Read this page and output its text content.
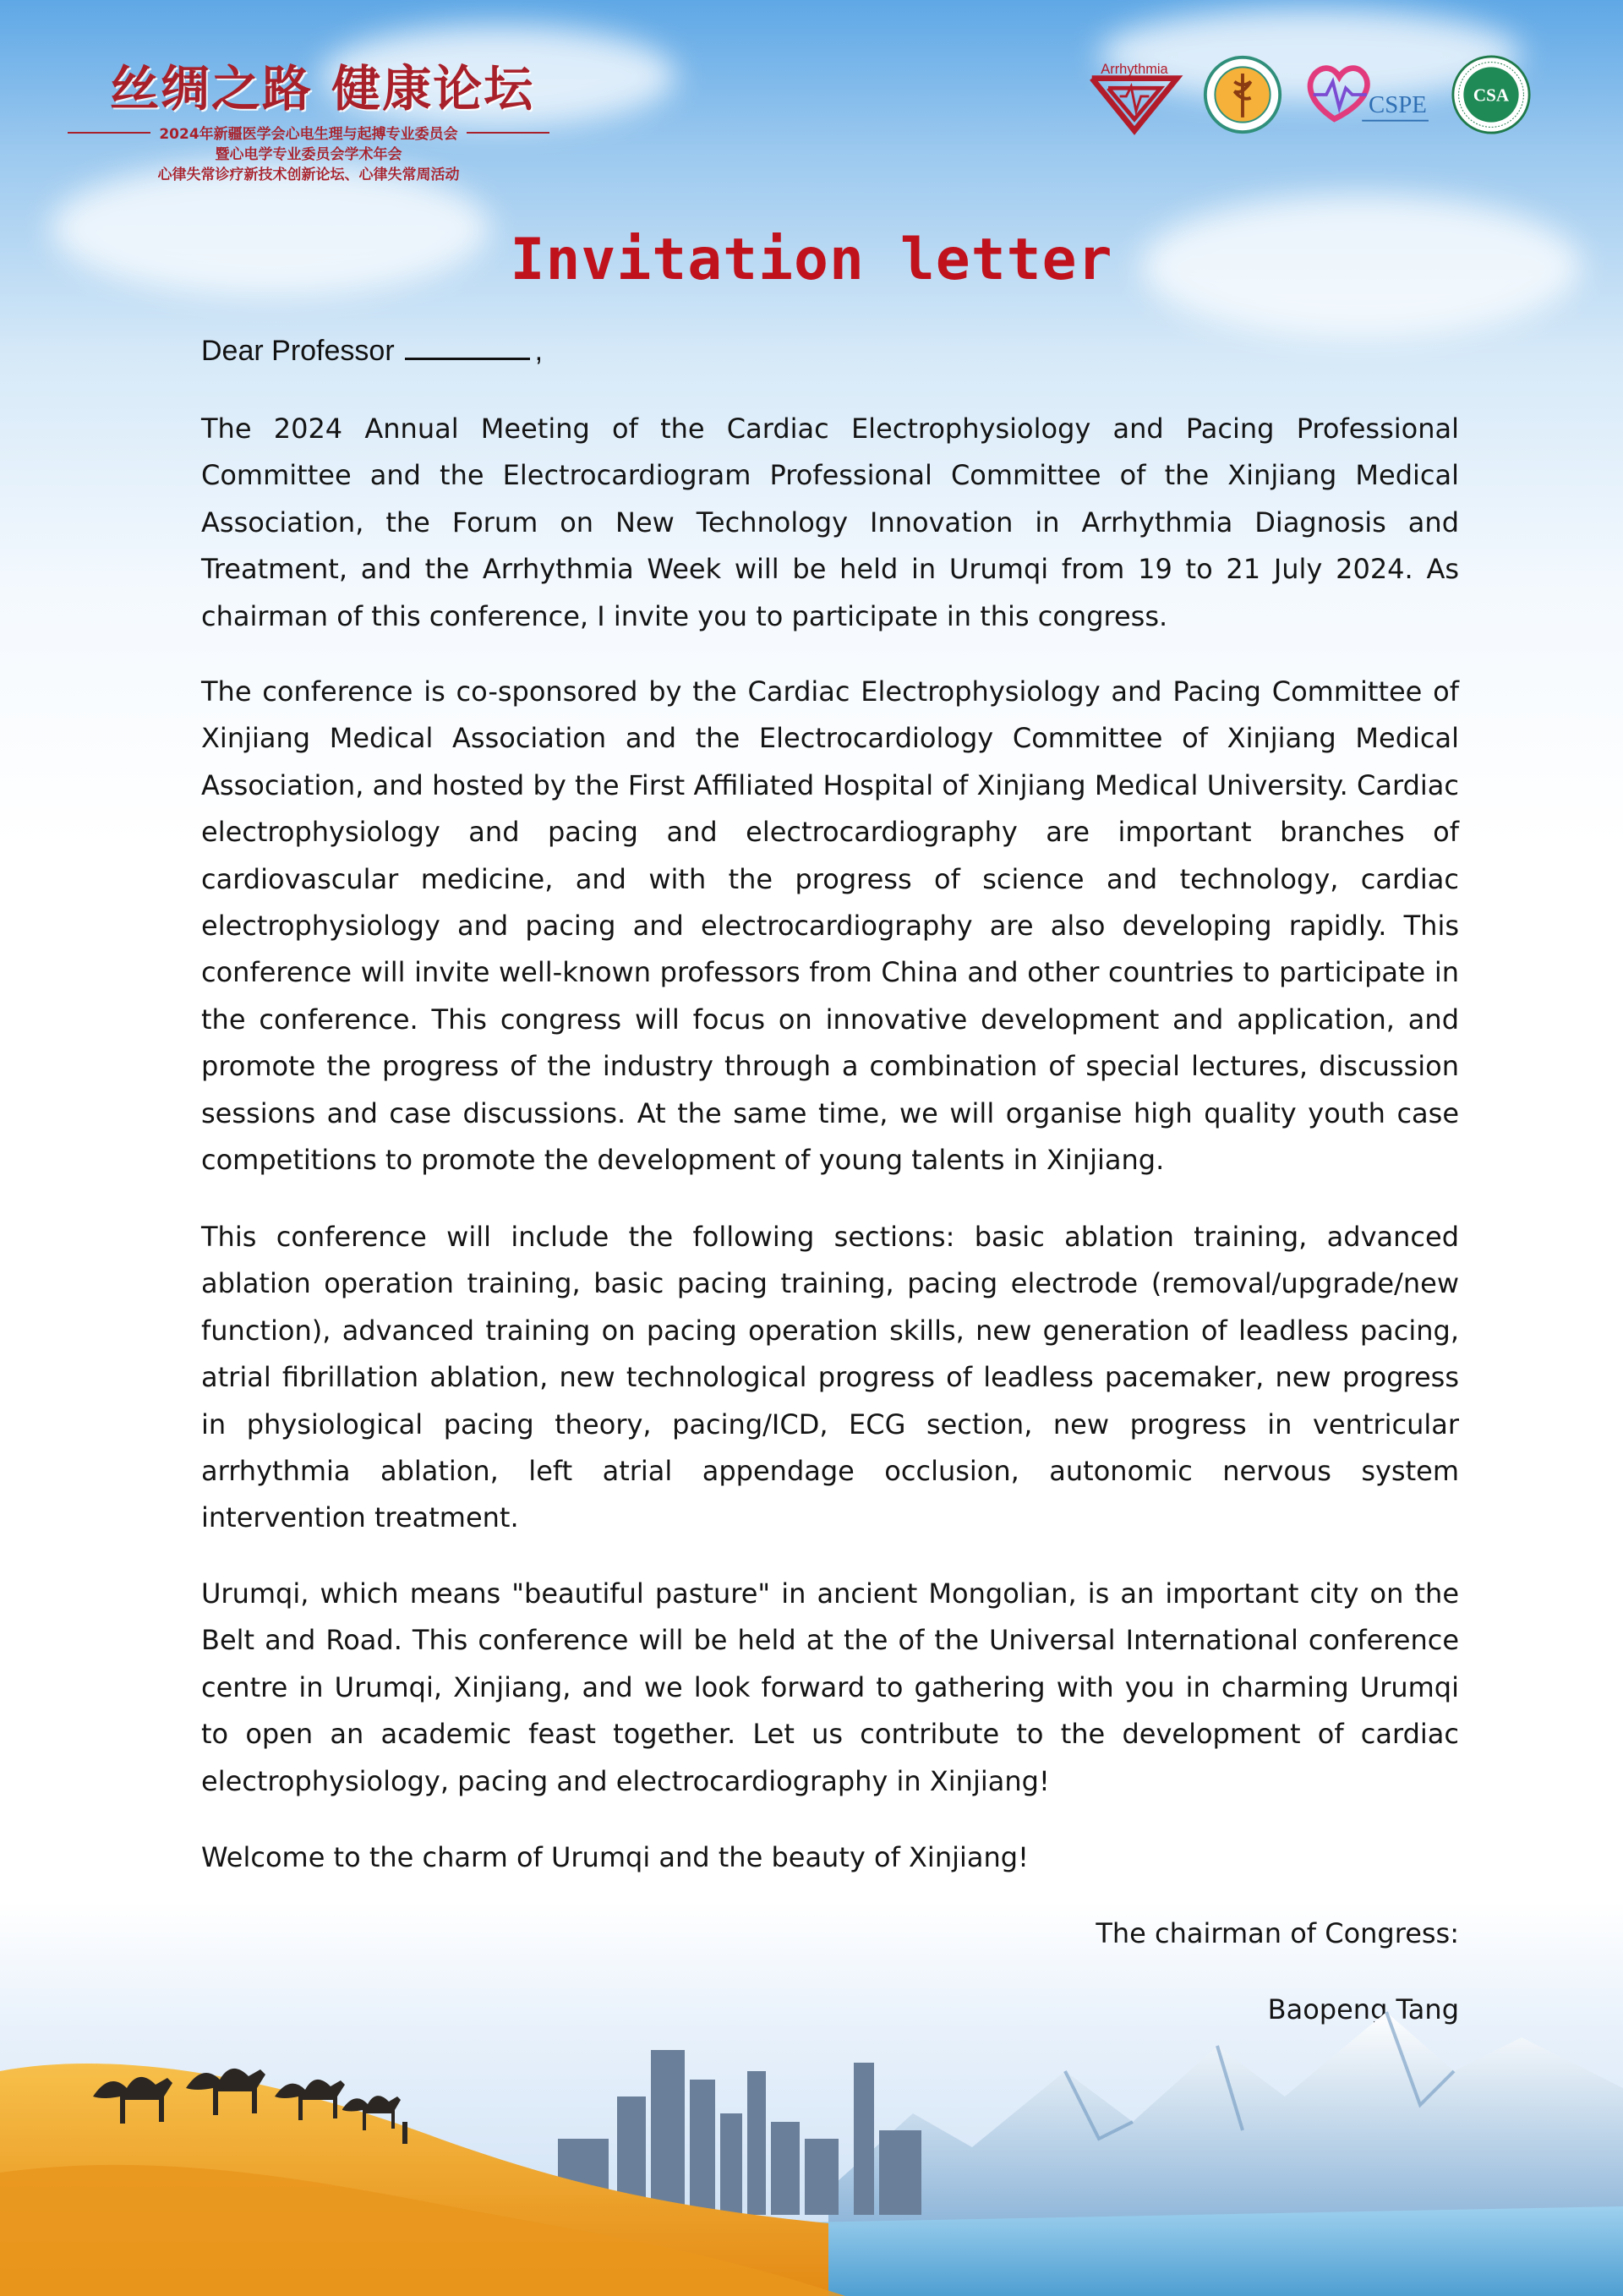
丝绸之路 健康论坛
2024年新疆医学会心电生理与起搏专业委员会
暨心电学专业委员会学术年会
心律失常诊疗新技术创新论坛、心律失常周活动
Arrhythmia
CSPE CSA
Invitation letter
Dear Professor	,

The 2024 Annual Meeting of the Cardiac Electrophysiology and Pacing Professional Committee and the Electrocardiogram Professional Committee of the Xinjiang Medical Association, the Forum on New Technology Innovation in Arrhythmia Diagnosis and Treatment, and the Arrhythmia Week will be held in Urumqi from 19 to 21 July 2024. As chairman of this conference, I invite you to participate in this congress.

The conference is co-sponsored by the Cardiac Electrophysiology and Pacing Committee of Xinjiang Medical Association and the Electrocardiology Committee of Xinjiang Medical Association, and hosted by the First Affiliated Hospital of Xinjiang Medical University. Cardiac electrophysiology and pacing and electrocardiography are important branches of cardiovascular medicine, and with the progress of science and technology, cardiac electrophysiology and pacing and electrocardiography are also developing rapidly. This conference will invite well-known professors from China and other countries to participate in the conference. This congress will focus on innovative development and application, and promote the progress of the industry through a combination of special lectures, discussion sessions and case discussions. At the same time, we will organise high quality youth case competitions to promote the development of young talents in Xinjiang.

This conference will include the following sections: basic ablation training, advanced ablation operation training, basic pacing training, pacing electrode (removal/upgrade/new function), advanced training on pacing operation skills, new generation of leadless pacing, atrial fibrillation ablation, new technological progress of leadless pacemaker, new progress in physiological pacing theory, pacing/ICD, ECG section, new progress in ventricular arrhythmia ablation, left atrial appendage occlusion, autonomic nervous system intervention treatment.

Urumqi, which means "beautiful pasture" in ancient Mongolian, is an important city on the Belt and Road. This conference will be held at the of the Universal International conference centre in Urumqi, Xinjiang, and we look forward to gathering with you in charming Urumqi to open an academic feast together. Let us contribute to the development of cardiac electrophysiology, pacing and electrocardiography in Xinjiang!

Welcome to the charm of Urumqi and the beauty of Xinjiang!

The chairman of Congress:
Baopeng Tang
